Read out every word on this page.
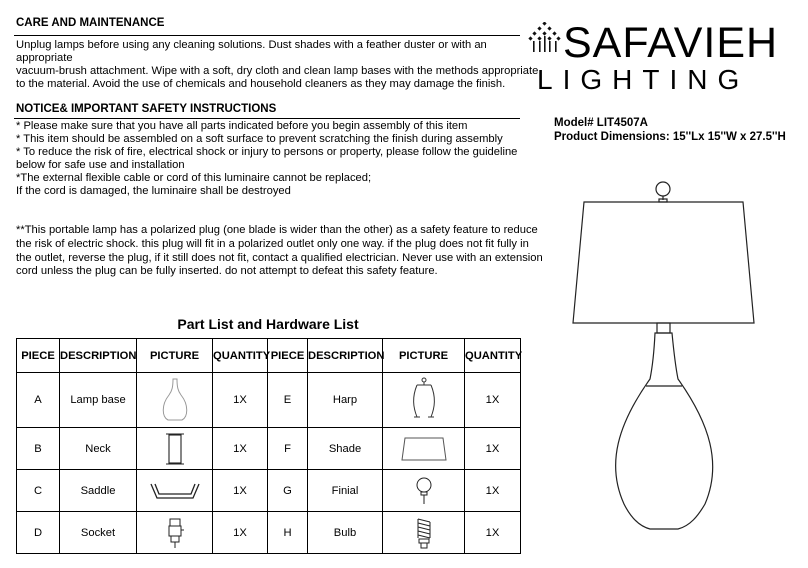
CARE AND MAINTENANCE
Unplug lamps before using any cleaning solutions. Dust shades with a feather duster or with an
appropriate
vacuum-brush attachment. Wipe with a soft, dry cloth and clean lamp bases with the methods appropriate
to the material. Avoid the use of chemicals and household cleaners as they may damage the finish.
NOTICE& IMPORTANT SAFETY INSTRUCTIONS
* Please make sure that you have all parts indicated before you begin assembly of this item
* This item should be assembled on a soft surface to prevent scratching the finish during assembly
* To reduce the risk of fire, electrical shock or injury to persons or property, please follow the guideline
below for safe use and installation
*The external flexible cable or cord of this luminaire cannot be replaced;
If the cord is damaged, the luminaire shall be destroyed
**This portable lamp has a polarized plug (one blade is wider than the other) as a safety feature to reduce
the risk of electric shock. this plug will fit in a polarized outlet only one way. if the plug does not fit fully in
the outlet, reverse the plug, if it still does not fit, contact a qualified electrician. Never use with an extension
cord unless the plug can be fully inserted. do not attempt to defeat this safety feature.
SAFAVIEH
LIGHTING
Model# LIT4507A
Product Dimensions: 15''Lx 15''W x 27.5''H
Part List and Hardware List
PIECE	DESCRIPTION	PICTURE	QUANTITY	PIECE	DESCRIPTION	PICTURE	QUANTITY
A	Lamp base		1X	E	Harp		1X
B	Neck		1X	F	Shade		1X
C	Saddle		1X	G	Finial		1X
D	Socket		1X	H	Bulb		1X
